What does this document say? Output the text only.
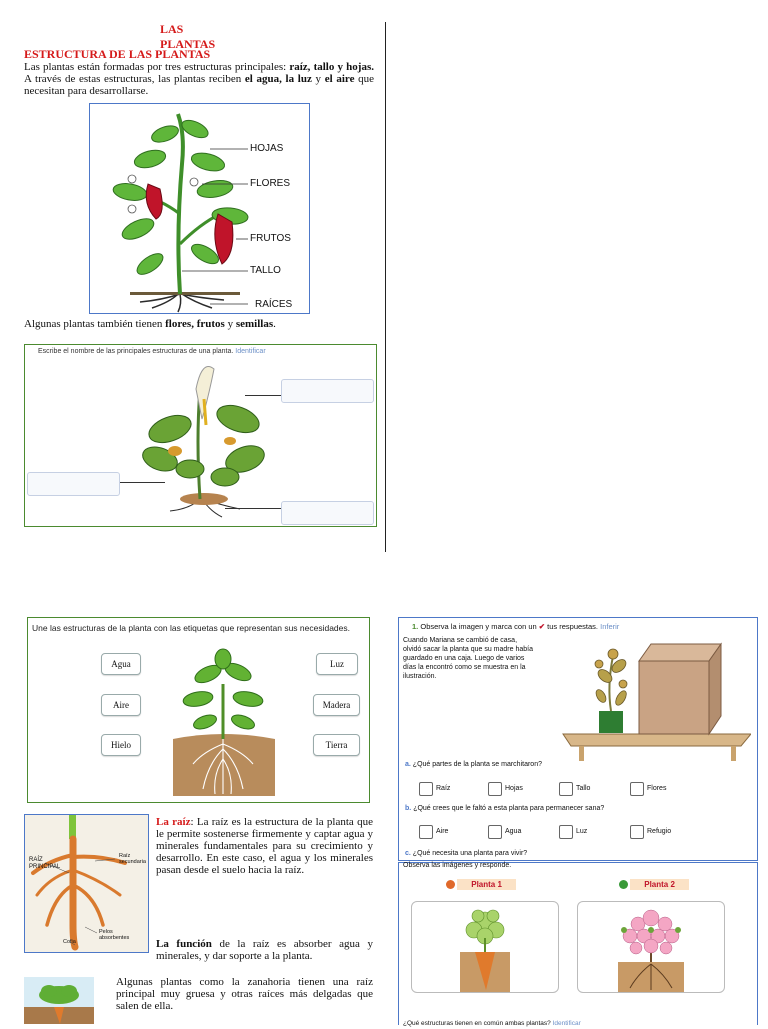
LAS PLANTAS
ESTRUCTURA DE LAS PLANTAS
Las plantas están formadas por tres estructuras principales: raíz, tallo y hojas. A través de estas estructuras, las plantas reciben el agua, la luz y el aire que necesitan para desarrollarse.
HOJAS
FLORES
FRUTOS
TALLO
RAÍCES
Algunas plantas también tienen flores, frutos y semillas.
Escribe el nombre de las principales estructuras de una planta. Identificar
Une las estructuras de la planta con las etiquetas que representan sus necesidades.
Agua
Aire
Hielo
Luz
Madera
Tierra
RAÍZ PRINCIPAL
Raíz secundaria
Pelos absorbentes
Cofia
La raíz: La raíz es la estructura de la planta que le permite sostenerse firmemente y captar agua y minerales fundamentales para su crecimiento y desarrollo. En este caso, el agua y los minerales pasan desde el suelo hacia la raíz.
La función de la raíz es absorber agua y minerales, y dar soporte a la planta.
Algunas plantas como la zanahoria tienen una raíz principal muy gruesa y otras raíces más delgadas que salen de ella.
1. Observa la imagen y marca con un ✔ tus respuestas. Inferir
Cuando Mariana se cambió de casa, olvidó sacar la planta que su madre había guardado en una caja. Luego de varios días la encontró como se muestra en la ilustración.
a. ¿Qué partes de la planta se marchitaron?
Raíz	Hojas	Tallo	Flores
b. ¿Qué crees que le faltó a esta planta para permanecer sana?
Aire	Agua	Luz	Refugio
c. ¿Qué necesita una planta para vivir?
Observa las imágenes y responde.
Planta 1	Planta 2
¿Qué estructuras tienen en común ambas plantas? Identificar
